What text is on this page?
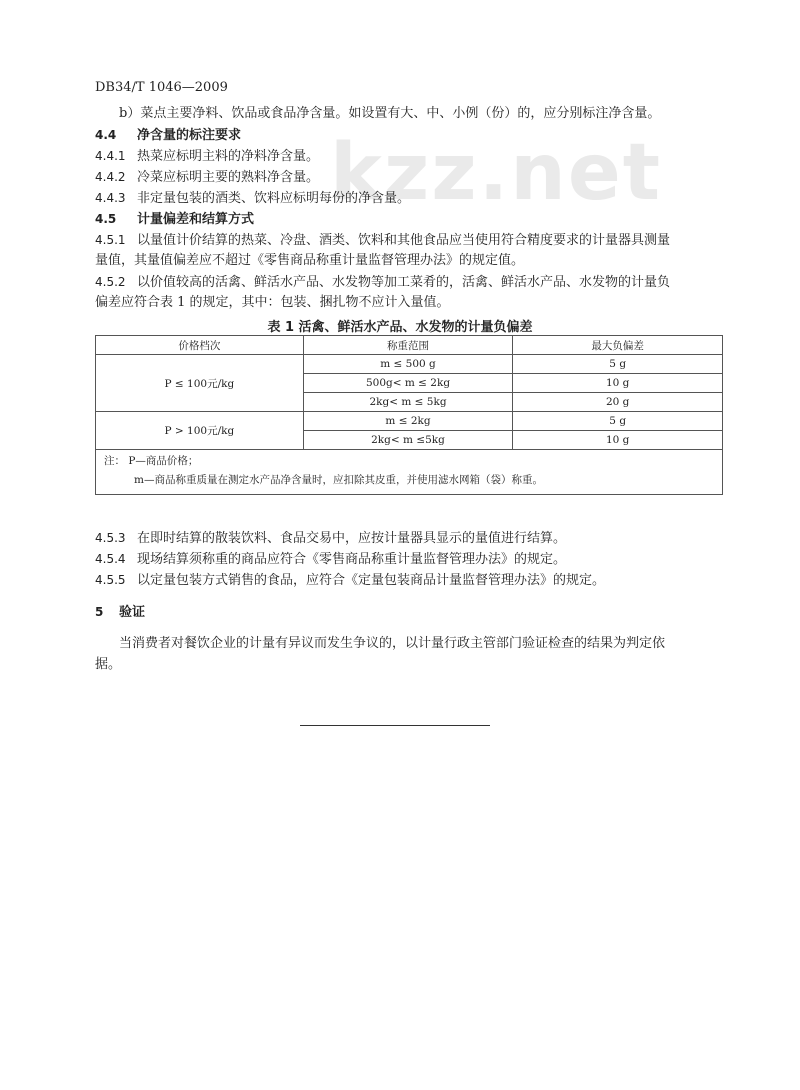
kzz.net
DB34/T 1046—2009
b）菜点主要净料、饮品或食品净含量。如设置有大、中、小例（份）的，应分别标注净含量。
4.4 净含量的标注要求
4.4.1 热菜应标明主料的净料净含量。
4.4.2 冷菜应标明主要的熟料净含量。
4.4.3 非定量包装的酒类、饮料应标明每份的净含量。
4.5 计量偏差和结算方式
4.5.1 以量值计价结算的热菜、冷盘、酒类、饮料和其他食品应当使用符合精度要求的计量器具测量
量值，其量值偏差应不超过《零售商品称重计量监督管理办法》的规定值。
4.5.2 以价值较高的活禽、鲜活水产品、水发物等加工菜肴的，活禽、鲜活水产品、水发物的计量负
偏差应符合表 1 的规定，其中：包装、捆扎物不应计入量值。
表 1 活禽、鲜活水产品、水发物的计量负偏差
价格档次	称重范围	最大负偏差
P ≤ 100元/kg	m ≤ 500 g	5 g
	500g< m ≤ 2kg	10 g
	2kg< m ≤ 5kg	20 g
P > 100元/kg	m ≤ 2kg	5 g
	2kg< m ≤5kg	10 g
注： P—商品价格；
m—商品称重质量在测定水产品净含量时，应扣除其皮重，并使用滤水网箱（袋）称重。		
4.5.3 在即时结算的散装饮料、食品交易中，应按计量器具显示的量值进行结算。
4.5.4 现场结算须称重的商品应符合《零售商品称重计量监督管理办法》的规定。
4.5.5 以定量包装方式销售的食品，应符合《定量包装商品计量监督管理办法》的规定。
5 验证
当消费者对餐饮企业的计量有异议而发生争议的，以计量行政主管部门验证检查的结果为判定依
据。
